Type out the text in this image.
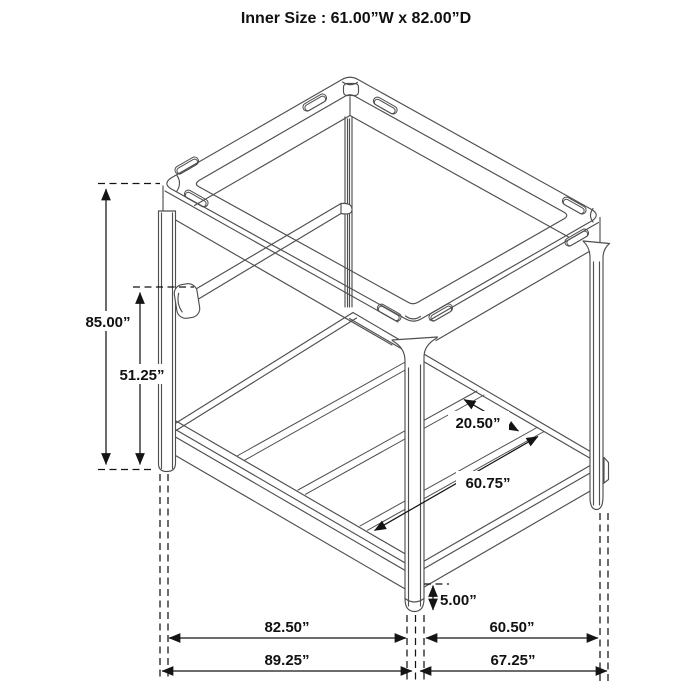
Inner Size : 61.00”W x 82.00”D
85.00”
51.25”
20.50”
60.75”
5.00”
82.50”	60.50”
89.25”	67.25”
